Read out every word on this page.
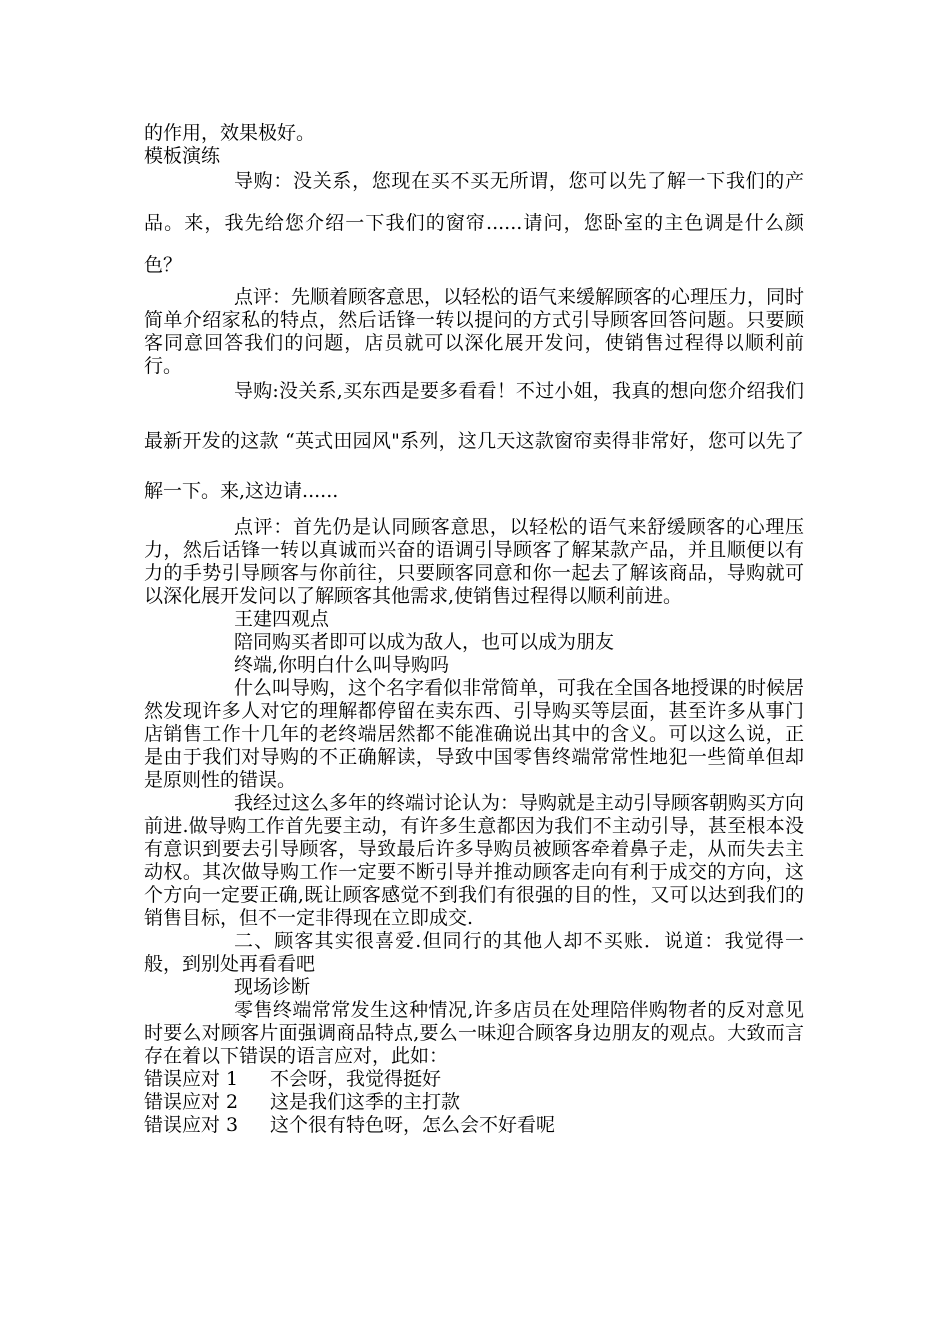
的作用，效果极好。

模板演练

导购：没关系，您现在买不买无所谓，您可以先了解一下我们的产品。来，我先给您介绍一下我们的窗帘......请问，您卧室的主色调是什么颜色？

点评：先顺着顾客意思，以轻松的语气来缓解顾客的心理压力，同时简单介绍家私的特点，然后话锋一转以提问的方式引导顾客回答问题。只要顾客同意回答我们的问题，店员就可以深化展开发问，使销售过程得以顺利前行。

导购:没关系,买东西是要多看看！不过小姐，我真的想向您介绍我们最新开发的这款 “英式田园风"系列，这几天这款窗帘卖得非常好，您可以先了解一下。来,这边请......

点评：首先仍是认同顾客意思，以轻松的语气来舒缓顾客的心理压力，然后话锋一转以真诚而兴奋的语调引导顾客了解某款产品，并且顺便以有力的手势引导顾客与你前往，只要顾客同意和你一起去了解该商品，导购就可以深化展开发问以了解顾客其他需求,使销售过程得以顺利前进。

王建四观点

陪同购买者即可以成为敌人，也可以成为朋友

终端,你明白什么叫导购吗

什么叫导购，这个名字看似非常简单，可我在全国各地授课的时候居然发现许多人对它的理解都停留在卖东西、引导购买等层面，甚至许多从事门店销售工作十几年的老终端居然都不能准确说出其中的含义。可以这么说，正是由于我们对导购的不正确解读，导致中国零售终端常常性地犯一些简单但却是原则性的错误。

我经过这么多年的终端讨论认为：导购就是主动引导顾客朝购买方向前进.做导购工作首先要主动，有许多生意都因为我们不主动引导，甚至根本没有意识到要去引导顾客，导致最后许多导购员被顾客牵着鼻子走，从而失去主动权。其次做导购工作一定要不断引导并推动顾客走向有利于成交的方向，这个方向一定要正确,既让顾客感觉不到我们有很强的目的性，又可以达到我们的销售目标，但不一定非得现在立即成交.

二、顾客其实很喜爱.但同行的其他人却不买账．说道：我觉得一般，到别处再看看吧

现场诊断

零售终端常常发生这种情况,许多店员在处理陪伴购物者的反对意见时要么对顾客片面强调商品特点,要么一味迎合顾客身边朋友的观点。大致而言存在着以下错误的语言应对，此如：

错误应对 1	不会呀，我觉得挺好
错误应对 2	这是我们这季的主打款
错误应对 3	这个很有特色呀，怎么会不好看呢
